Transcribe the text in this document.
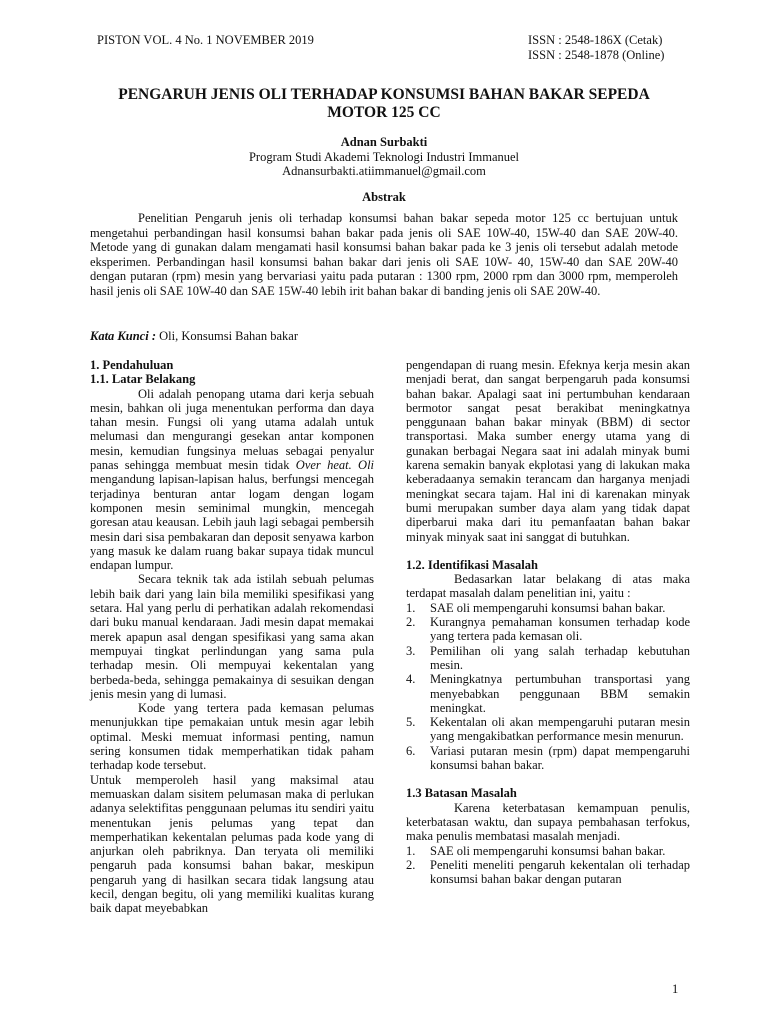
PISTON VOL. 4 No. 1 NOVEMBER 2019	ISSN : 2548-186X (Cetak)
ISSN : 2548-1878 (Online)
PENGARUH JENIS OLI TERHADAP KONSUMSI BAHAN BAKAR SEPEDA
MOTOR 125 CC
Adnan Surbakti
Program Studi Akademi Teknologi Industri Immanuel
Adnansurbakti.atiimmanuel@gmail.com
Abstrak

Penelitian Pengaruh jenis oli terhadap konsumsi bahan bakar sepeda motor 125 cc bertujuan untuk mengetahui perbandingan hasil konsumsi bahan bakar pada jenis oli SAE 10W-40, 15W-40 dan SAE 20W-40. Metode yang di gunakan dalam mengamati hasil konsumsi bahan bakar pada ke 3 jenis oli tersebut adalah metode eksperimen. Perbandingan hasil konsumsi bahan bakar dari jenis oli SAE 10W- 40, 15W-40 dan SAE 20W-40 dengan putaran (rpm) mesin yang bervariasi yaitu pada putaran : 1300 rpm, 2000 rpm dan 3000 rpm, memperoleh hasil jenis oli SAE 10W-40 dan SAE 15W-40 lebih irit bahan bakar di banding jenis oli SAE 20W-40.

Kata Kunci : Oli, Konsumsi Bahan bakar
1. Pendahuluan
1.1. Latar Belakang

Oli adalah penopang utama dari kerja sebuah mesin, bahkan oli juga menentukan performa dan daya tahan mesin. Fungsi oli yang utama adalah untuk melumasi dan mengurangi gesekan antar komponen mesin, kemudian fungsinya meluas sebagai penyalur panas sehingga membuat mesin tidak Over heat. Oli mengandung lapisan-lapisan halus, berfungsi mencegah terjadinya benturan antar logam dengan logam komponen mesin seminimal mungkin, mencegah goresan atau keausan. Lebih jauh lagi sebagai pembersih mesin dari sisa pembakaran dan deposit senyawa karbon yang masuk ke dalam ruang bakar supaya tidak muncul endapan lumpur.

Secara teknik tak ada istilah sebuah pelumas lebih baik dari yang lain bila memiliki spesifikasi yang setara. Hal yang perlu di perhatikan adalah rekomendasi dari buku manual kendaraan. Jadi mesin dapat memakai merek apapun asal dengan spesifikasi yang sama akan mempuyai tingkat perlindungan yang sama pula terhadap mesin. Oli mempuyai kekentalan yang berbeda-beda, sehingga pemakainya di sesuikan dengan jenis mesin yang di lumasi.

Kode yang tertera pada kemasan pelumas menunjukkan tipe pemakaian untuk mesin agar lebih optimal. Meski memuat informasi penting, namun sering konsumen tidak memperhatikan tidak paham terhadap kode tersebut.

Untuk memperoleh hasil yang maksimal atau memuaskan dalam sisitem pelumasan maka di perlukan adanya selektifitas penggunaan pelumas itu sendiri yaitu menentukan jenis pelumas yang tepat dan memperhatikan kekentalan pelumas pada kode yang di anjurkan oleh pabriknya. Dan teryata oli memiliki pengaruh pada konsumsi bahan bakar, meskipun pengaruh yang di hasilkan secara tidak langsung atau kecil, dengan begitu, oli yang memiliki kualitas kurang baik dapat meyebabkan

pengendapan di ruang mesin. Efeknya kerja mesin akan menjadi berat, dan sangat berpengaruh pada konsumsi bahan bakar. Apalagi saat ini pertumbuhan kendaraan bermotor sangat pesat berakibat meningkatnya penggunaan bahan bakar minyak (BBM) di sector transportasi. Maka sumber energy utama yang di gunakan berbagai Negara saat ini adalah minyak bumi karena semakin banyak ekplotasi yang di lakukan maka keberadaanya semakin terancam dan harganya menjadi meningkat secara tajam. Hal ini di karenakan minyak bumi merupakan sumber daya alam yang tidak dapat diperbarui maka dari itu pemanfaatan bahan bakar minyak minyak saat ini sanggat di butuhkan.

1.2. Identifikasi Masalah

Bedasarkan latar belakang di atas maka terdapat masalah dalam penelitian ini, yaitu :

1. SAE oli mempengaruhi konsumsi bahan bakar.
2. Kurangnya pemahaman konsumen terhadap kode yang tertera pada kemasan oli.
3. Pemilihan oli yang salah terhadap kebutuhan mesin.
4. Meningkatnya pertumbuhan transportasi yang menyebabkan penggunaan BBM semakin meningkat.
5. Kekentalan oli akan mempengaruhi putaran mesin yang mengakibatkan performance mesin menurun.
6. Variasi putaran mesin (rpm) dapat mempengaruhi konsumsi bahan bakar.
1.3 Batasan Masalah

Karena keterbatasan kemampuan penulis, keterbatasan waktu, dan supaya pembahasan terfokus, maka penulis membatasi masalah menjadi.

1. SAE oli mempengaruhi konsumsi bahan bakar.
2. Peneliti meneliti pengaruh kekentalan oli terhadap konsumsi bahan bakar dengan putaran
1
